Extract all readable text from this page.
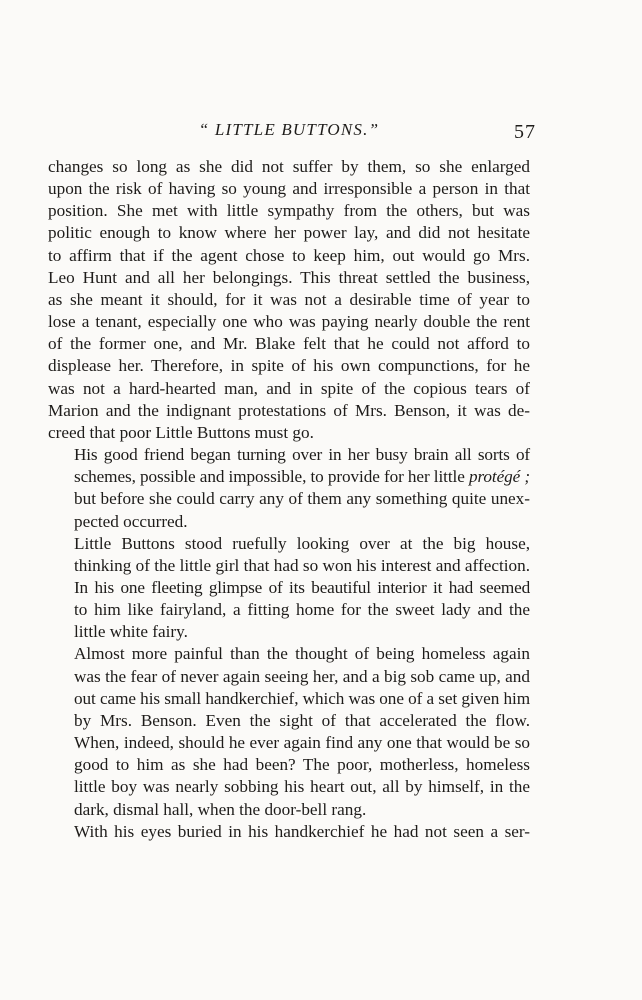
“ LITTLE BUTTONS.”	57

changes so long as she did not suffer by them, so she enlarged
upon the risk of having so young and irresponsible a person in that
position. She met with little sympathy from the others, but was
politic enough to know where her power lay, and did not hesitate
to affirm that if the agent chose to keep him, out would go Mrs.
Leo Hunt and all her belongings. This threat settled the business,
as she meant it should, for it was not a desirable time of year to
lose a tenant, especially one who was paying nearly double the rent
of the former one, and Mr. Blake felt that he could not afford to
displease her. Therefore, in spite of his own compunctions, for he
was not a hard-hearted man, and in spite of the copious tears of
Marion and the indignant protestations of Mrs. Benson, it was de-
creed that poor Little Buttons must go.

His good friend began turning over in her busy brain all sorts of
schemes, possible and impossible, to provide for her little protégé ;
but before she could carry any of them any something quite unex-
pected occurred.

Little Buttons stood ruefully looking over at the big house,
thinking of the little girl that had so won his interest and affection.

In his one fleeting glimpse of its beautiful interior it had seemed
to him like fairyland, a fitting home for the sweet lady and the
little white fairy.

Almost more painful than the thought of being homeless again
was the fear of never again seeing her, and a big sob came up, and
out came his small handkerchief, which was one of a set given him
by Mrs. Benson. Even the sight of that accelerated the flow.
When, indeed, should he ever again find any one that would be so
good to him as she had been? The poor, motherless, homeless
little boy was nearly sobbing his heart out, all by himself, in the
dark, dismal hall, when the door-bell rang.

With his eyes buried in his handkerchief he had not seen a ser-
